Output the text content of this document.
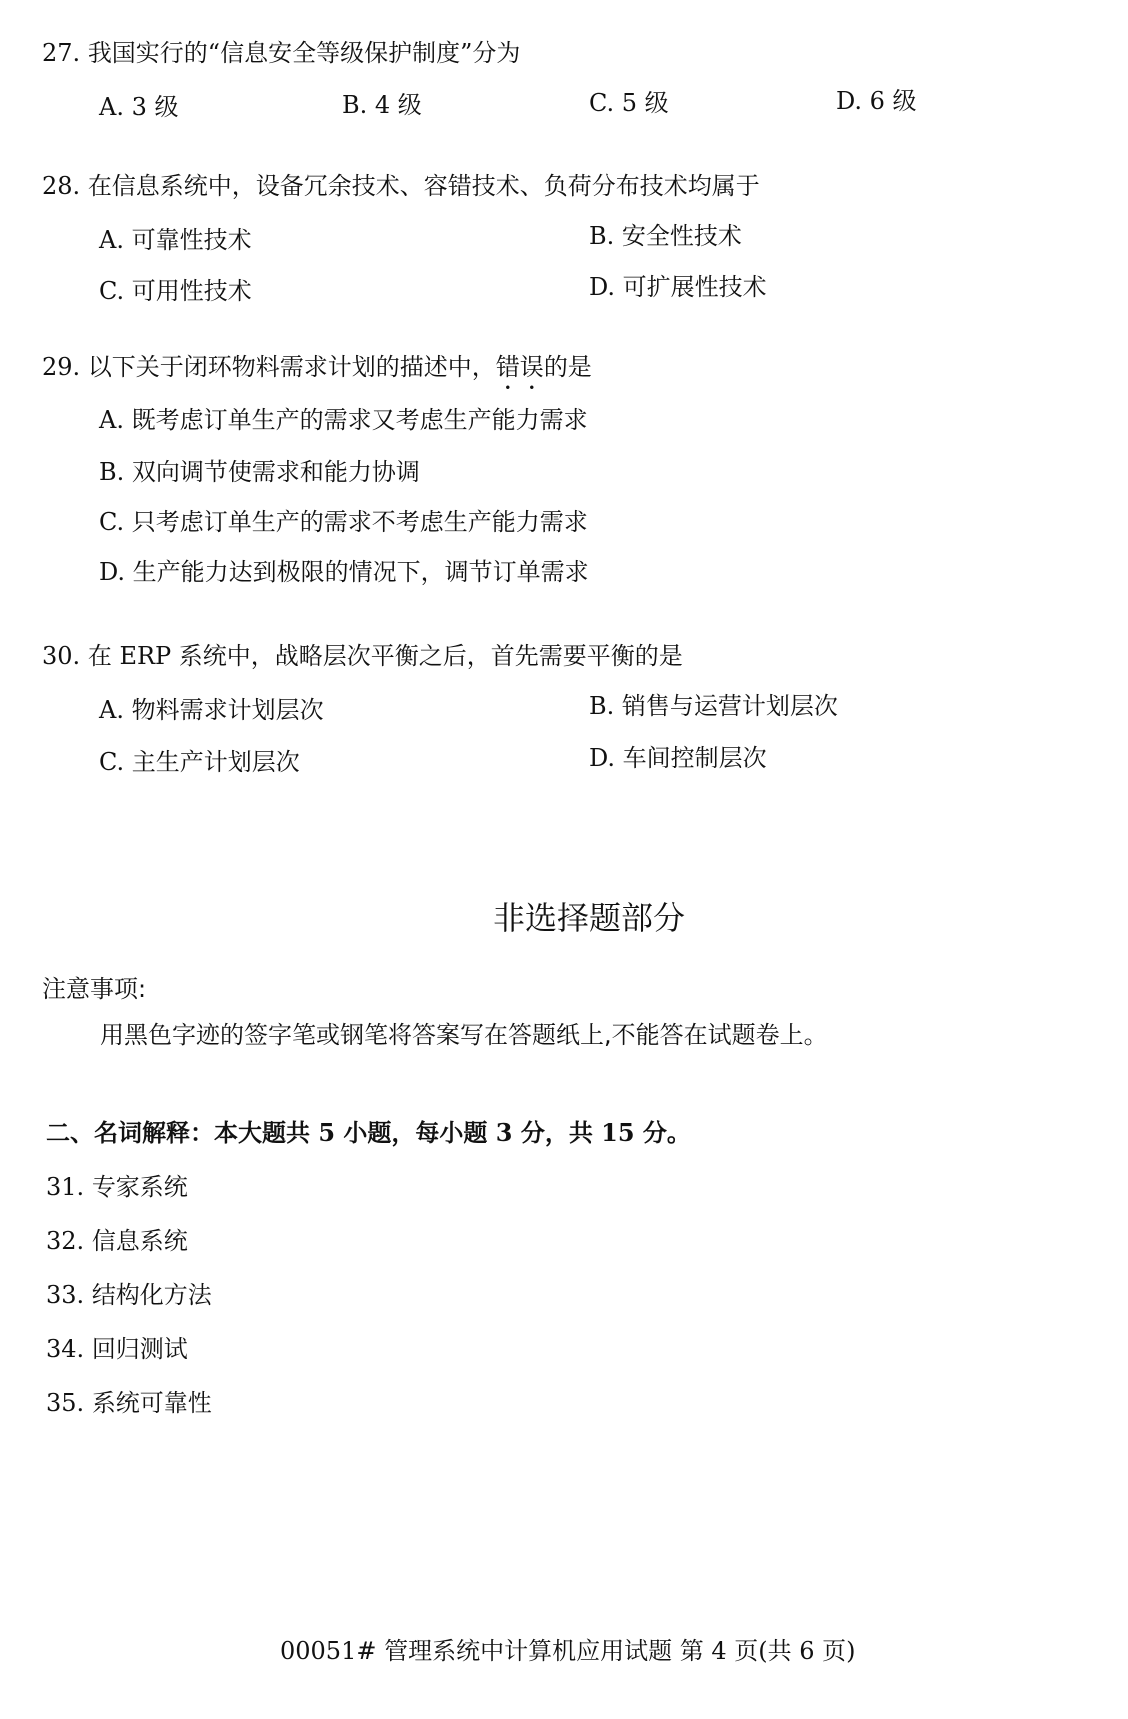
27. 我国实行的“信息安全等级保护制度”分为
A. 3 级	B. 4 级	C. 5 级	D. 6 级
28. 在信息系统中，设备冗余技术、容错技术、负荷分布技术均属于
A. 可靠性技术	B. 安全性技术
C. 可用性技术	D. 可扩展性技术
29. 以下关于闭环物料需求计划的描述中，错误的是
A. 既考虑订单生产的需求又考虑生产能力需求
B. 双向调节使需求和能力协调
C. 只考虑订单生产的需求不考虑生产能力需求
D. 生产能力达到极限的情况下，调节订单需求
30. 在 ERP 系统中，战略层次平衡之后，首先需要平衡的是
A. 物料需求计划层次	B. 销售与运营计划层次
C. 主生产计划层次	D. 车间控制层次
非选择题部分
注意事项:
用黑色字迹的签字笔或钢笔将答案写在答题纸上,不能答在试题卷上。
二、名词解释：本大题共 5 小题，每小题 3 分，共 15 分。
31. 专家系统
32. 信息系统
33. 结构化方法
34. 回归测试
35. 系统可靠性
00051# 管理系统中计算机应用试题 第 4 页(共 6 页)
